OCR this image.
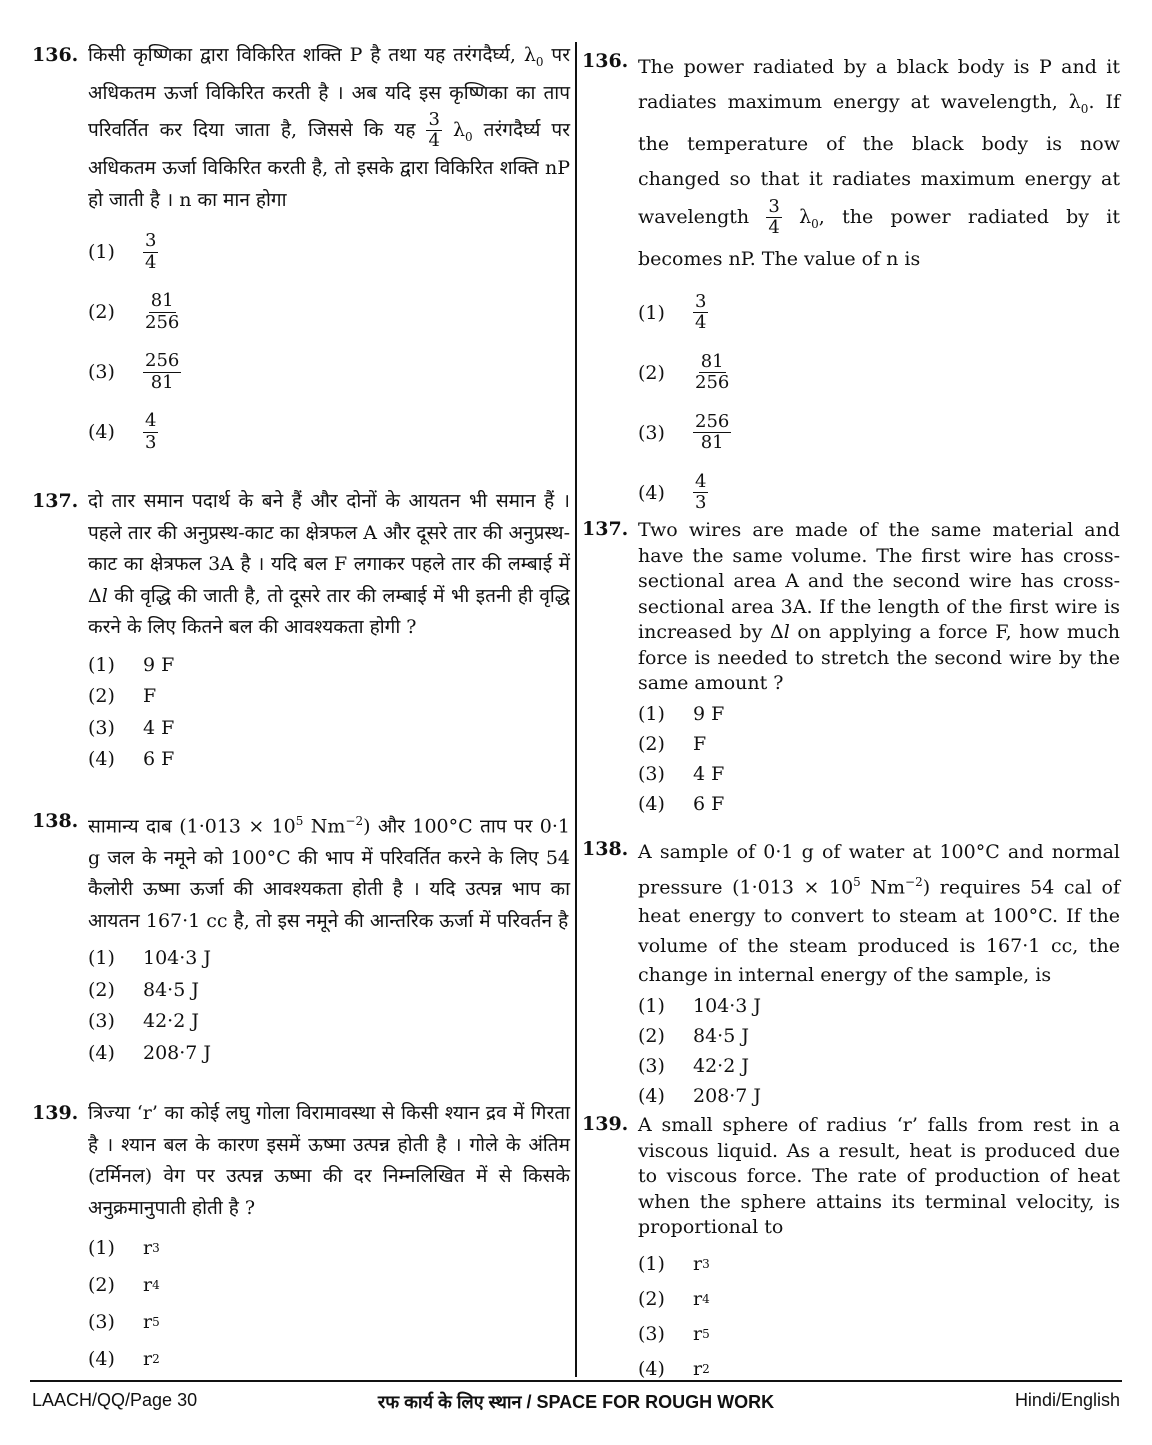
136. किसी कृष्णिका द्वारा विकिरित शक्ति P है तथा यह तरंगदैर्घ्य, $\lambda_0$ पर अधिकतम ऊर्जा विकिरित करती है । अब यदि इस कृष्णिका का ताप परिवर्तित कर दिया जाता है, जिससे कि यह $\frac{3}{4} \lambda_0$ तरंगदैर्घ्य पर अधिकतम ऊर्जा विकिरित करती है, तो इसके द्वारा विकिरित शक्ति nP हो जाती है । n का मान होगा
(1)	$\frac{3}{4}$
(2)	$\frac{81}{256}$
(3)	$\frac{256}{81}$
(4)	$\frac{4}{3}$
137. दो तार समान पदार्थ के बने हैं और दोनों के आयतन भी समान हैं । पहले तार की अनुप्रस्थ-काट का क्षेत्रफल A और दूसरे तार की अनुप्रस्थ-काट का क्षेत्रफल 3A है । यदि बल F लगाकर पहले तार की लम्बाई में Δl की वृद्धि की जाती है, तो दूसरे तार की लम्बाई में भी इतनी ही वृद्धि करने के लिए कितने बल की आवश्यकता होगी ?
(1)	9 F
(2)	F
(3)	4 F
(4)	6 F
138. सामान्य दाब ($1\cdot 013 \times 10^5$ $Nm^{-2}$) और 100°C ताप पर 0·1 g जल के नमूने को 100°C की भाप में परिवर्तित करने के लिए 54 कैलोरी ऊष्मा ऊर्जा की आवश्यकता होती है । यदि उत्पन्न भाप का आयतन 167·1 cc है, तो इस नमूने की आन्तरिक ऊर्जा में परिवर्तन है
(1)	104·3 J
(2)	84·5 J
(3)	42·2 J
(4)	208·7 J
139. त्रिज्या ‘r’ का कोई लघु गोला विरामावस्था से किसी श्यान द्रव में गिरता है । श्यान बल के कारण इसमें ऊष्मा उत्पन्न होती है । गोले के अंतिम (टर्मिनल) वेग पर उत्पन्न ऊष्मा की दर निम्नलिखित में से किसके अनुक्रमानुपाती होती है ?
(1)	r 3
(2)	r 4
(3)	r 5
(4)	r 2
136. The power radiated by a black body is P and it radiates maximum energy at wavelength, $\lambda_0$. If the temperature of the black body is now changed so that it radiates maximum energy at wavelength $\frac{3}{4} \lambda_0$, the power radiated by it becomes nP. The value of n is
(1)	$\frac{3}{4}$
(2)	$\frac{81}{256}$
(3)	$\frac{256}{81}$
(4)	$\frac{4}{3}$
137. Two wires are made of the same material and have the same volume. The first wire has cross-sectional area A and the second wire has cross-sectional area 3A. If the length of the first wire is increased by Δl on applying a force F, how much force is needed to stretch the second wire by the same amount ?
(1)	9 F
(2)	F
(3)	4 F
(4)	6 F
138. A sample of 0·1 g of water at 100°C and normal pressure ($1\cdot 013 \times 10^5$ $Nm^{-2}$) requires 54 cal of heat energy to convert to steam at 100°C. If the volume of the steam produced is 167·1 cc, the change in internal energy of the sample, is
(1)	104·3 J
(2)	84·5 J
(3)	42·2 J
(4)	208·7 J
139. A small sphere of radius ‘r’ falls from rest in a viscous liquid. As a result, heat is produced due to viscous force. The rate of production of heat when the sphere attains its terminal velocity, is proportional to
(1)	r 3
(2)	r 4
(3)	r 5
(4)	r 2
LAACH/QQ/Page 30	रफ कार्य के लिए स्थान / SPACE FOR ROUGH WORK	Hindi/English
